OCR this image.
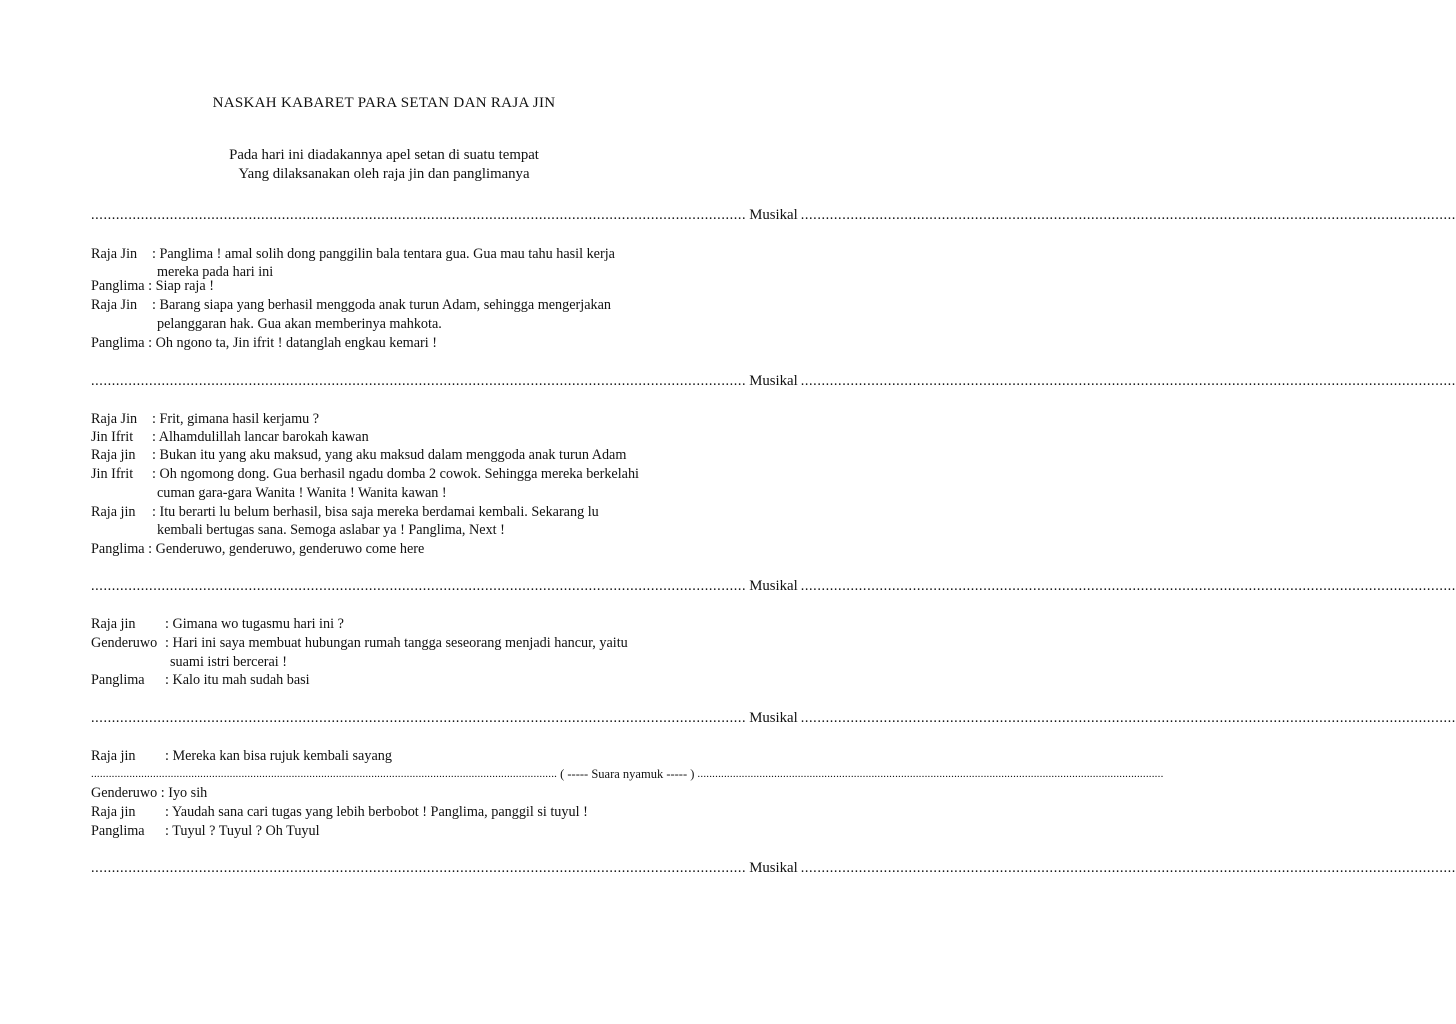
NASKAH KABARET PARA SETAN DAN RAJA JIN
Pada hari ini diadakannya apel setan di suatu tempat
Yang dilaksanakan oleh raja jin dan panglimanya
.............................................................................................................................................................. Musikal ..............................................................................................................................................................
Raja Jin : Panglima ! amal solih dong panggilin bala tentara gua. Gua mau tahu hasil kerja
mereka pada hari ini
Panglima : Siap raja !
Raja Jin : Barang siapa yang berhasil menggoda anak turun Adam, sehingga mengerjakan
pelanggaran hak. Gua akan memberinya mahkota.
Panglima : Oh ngono ta, Jin ifrit ! datanglah engkau kemari !
.............................................................................................................................................................. Musikal ..............................................................................................................................................................
Raja Jin : Frit, gimana hasil kerjamu ?
Jin Ifrit : Alhamdulillah lancar barokah kawan
Raja jin : Bukan itu yang aku maksud, yang aku maksud dalam menggoda anak turun Adam
Jin Ifrit : Oh ngomong dong. Gua berhasil ngadu domba 2 cowok. Sehingga mereka berkelahi
cuman gara-gara Wanita ! Wanita ! Wanita kawan !
Raja jin : Itu berarti lu belum berhasil, bisa saja mereka berdamai kembali. Sekarang lu
kembali bertugas sana. Semoga aslabar ya ! Panglima, Next !
Panglima : Genderuwo, genderuwo, genderuwo come here
.............................................................................................................................................................. Musikal ..............................................................................................................................................................
Raja jin : Gimana wo tugasmu hari ini ?
Genderuwo : Hari ini saya membuat hubungan rumah tangga seseorang menjadi hancur, yaitu
suami istri bercerai !
Panglima : Kalo itu mah sudah basi
.............................................................................................................................................................. Musikal ..............................................................................................................................................................
Raja jin : Mereka kan bisa rujuk kembali sayang
.............................................................................................................................................................. ( ----- Suara nyamuk ----- ) ..............................................................................................................................................................
Genderuwo : Iyo sih
Raja jin : Yaudah sana cari tugas yang lebih berbobot ! Panglima, panggil si tuyul !
Panglima : Tuyul ? Tuyul ? Oh Tuyul
.............................................................................................................................................................. Musikal ..............................................................................................................................................................
